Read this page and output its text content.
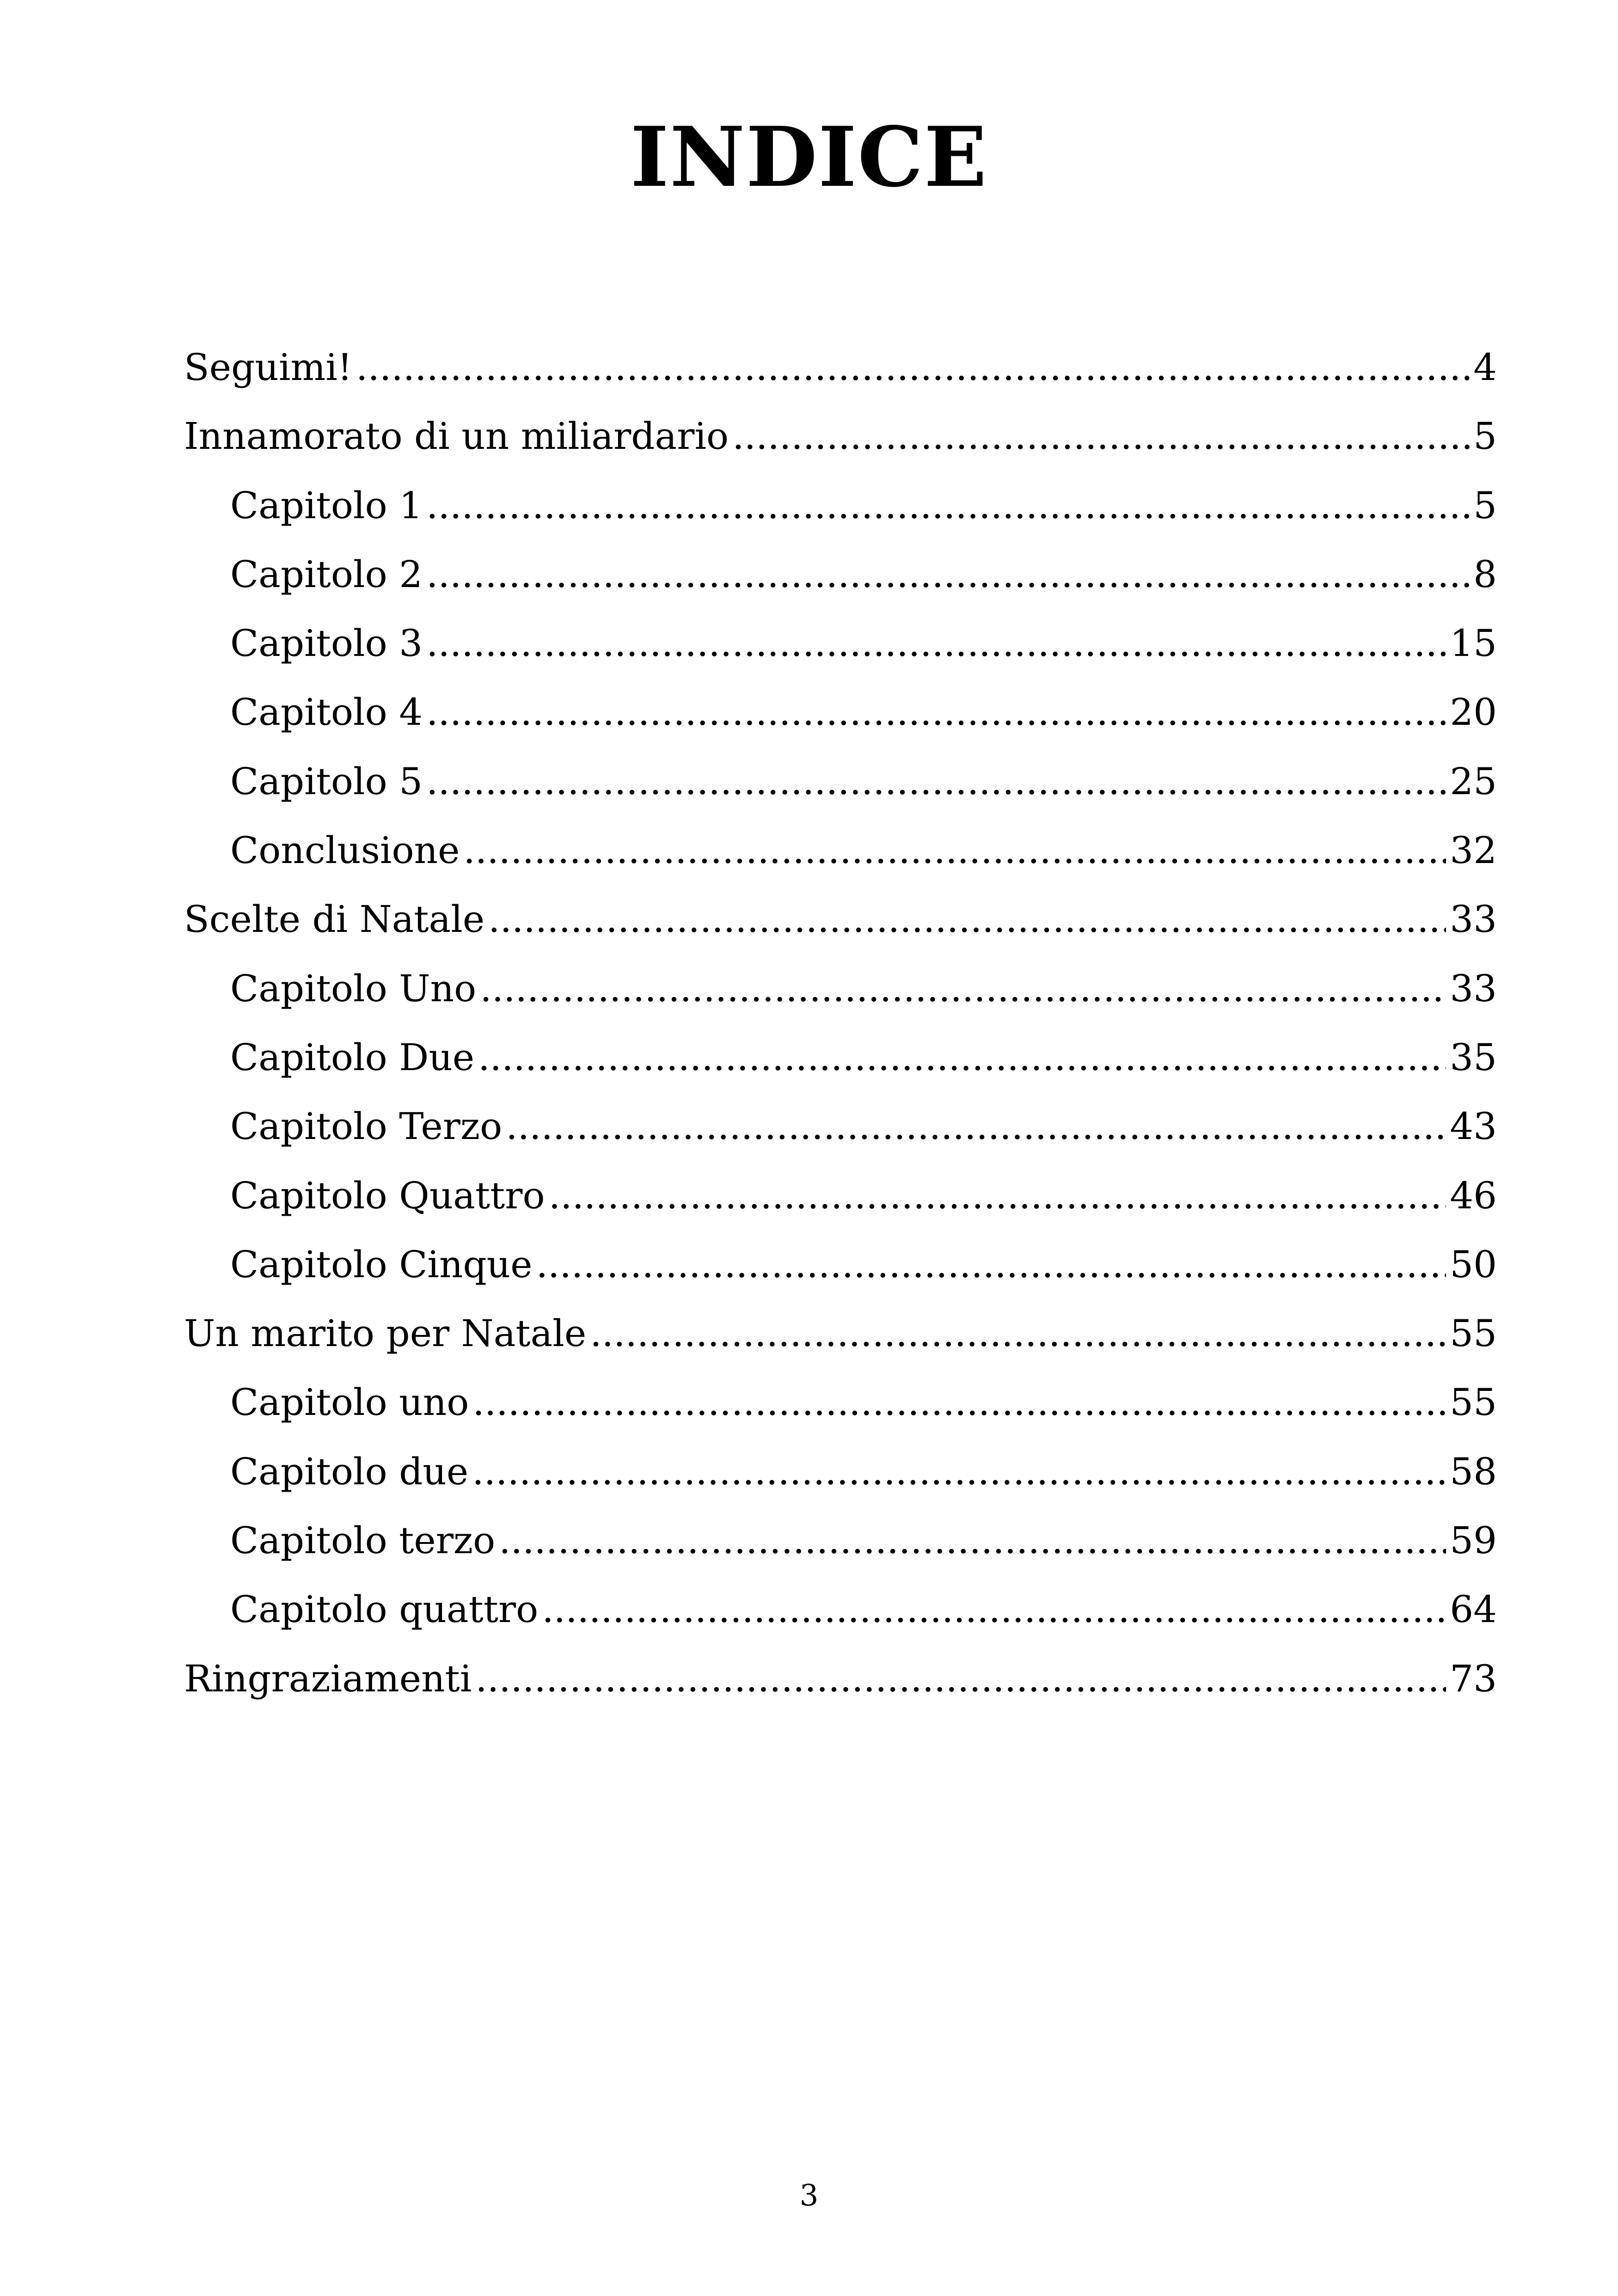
INDICE
Seguimi! .....	4
Innamorato di un miliardario .....	5
Capitolo 1 .....	5
Capitolo 2 .....	8
Capitolo 3 .....	15
Capitolo 4 .....	20
Capitolo 5 .....	25
Conclusione .....	32
Scelte di Natale .....	33
Capitolo Uno .....	33
Capitolo Due .....	35
Capitolo Terzo .....	43
Capitolo Quattro .....	46
Capitolo Cinque .....	50
Un marito per Natale .....	55
Capitolo uno .....	55
Capitolo due .....	58
Capitolo terzo .....	59
Capitolo quattro .....	64
Ringraziamenti .....	73
3
